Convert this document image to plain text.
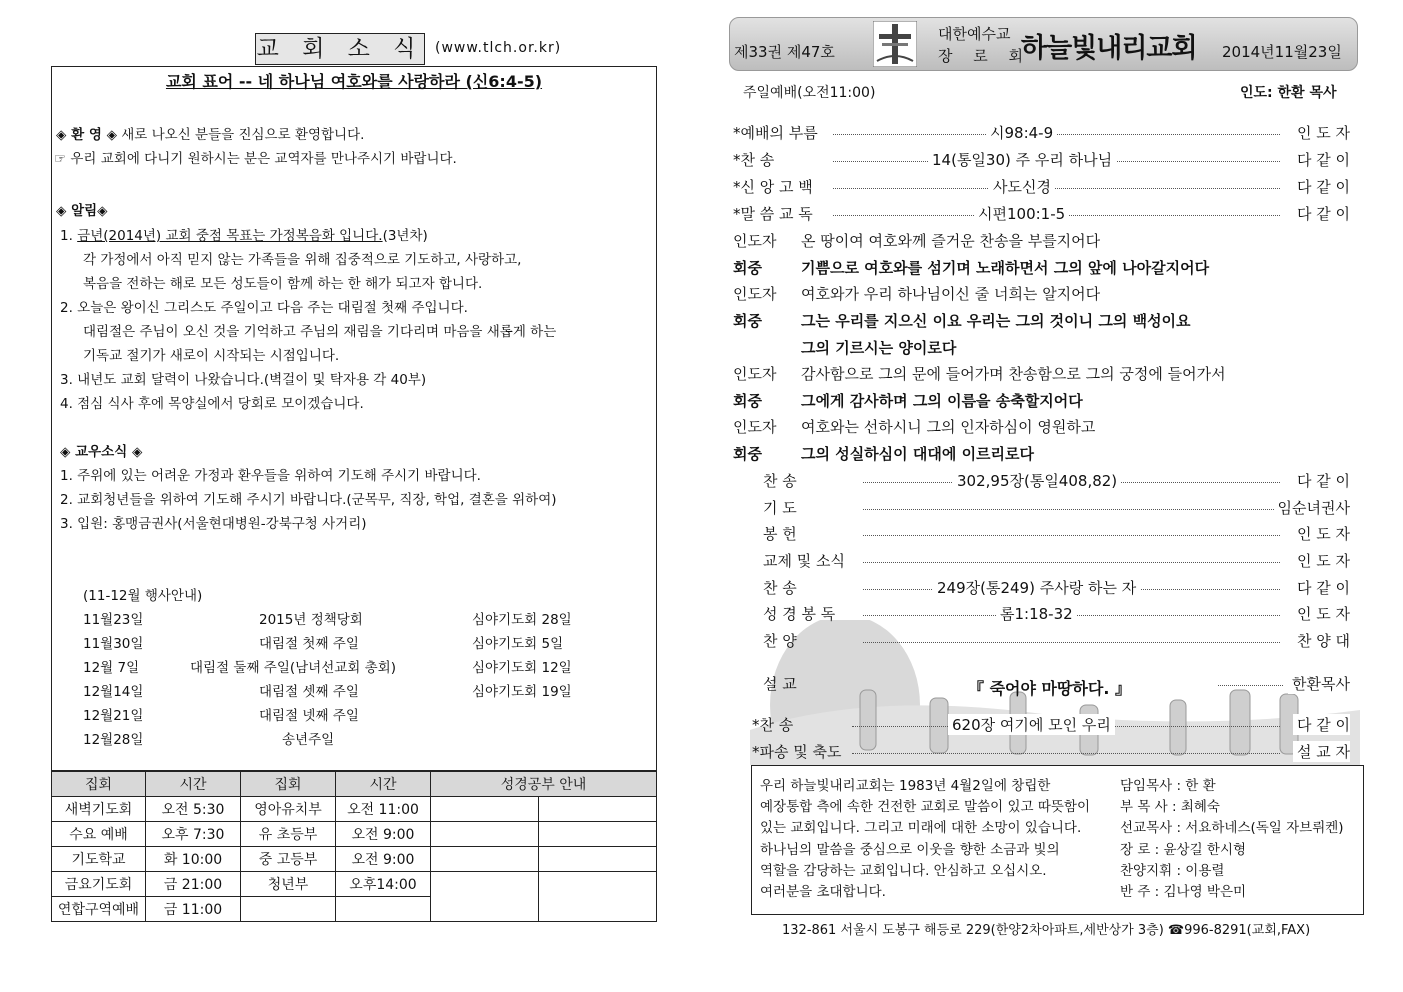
교 회 소 식 (www.tlch.or.kr)
교회 표어 -- 네 하나님 여호와를 사랑하라 (신6:4-5)
◈ 환 영 ◈ 새로 나오신 분들을 진심으로 환영합니다.
☞ 우리 교회에 다니기 원하시는 분은 교역자를 만나주시기 바랍니다.
◈ 알림◈
1. 금년(2014년) 교회 중점 목표는 가정복음화 입니다.(3년차)
각 가정에서 아직 믿지 않는 가족들을 위해 집중적으로 기도하고, 사랑하고,
복음을 전하는 해로 모든 성도들이 함께 하는 한 해가 되고자 합니다.
2. 오늘은 왕이신 그리스도 주일이고 다음 주는 대림절 첫째 주입니다.
대림절은 주님이 오신 것을 기억하고 주님의 재림을 기다리며 마음을 새롭게 하는
기독교 절기가 새로이 시작되는 시점입니다.
3. 내년도 교회 달력이 나왔습니다.(벽걸이 및 탁자용 각 40부)
4. 점심 식사 후에 목양실에서 당회로 모이겠습니다.
◈ 교우소식 ◈
1. 주위에 있는 어려운 가정과 환우들을 위하여 기도해 주시기 바랍니다.
2. 교회청년들을 위하여 기도해 주시기 바랍니다.(군목무, 직장, 학업, 결혼을 위하여)
3. 입원: 홍맹금권사(서울현대병원-강북구청 사거리)
(11-12월 행사안내)
11월23일	2015년 정책당회	심야기도회 28일
11월30일	대림절 첫째 주일	심야기도회 5일
12월 7일	대림절 둘째 주일(남녀선교회 총회)	심야기도회 12일
12월14일	대림절 셋째 주일	심야기도회 19일
12월21일	대림절 넷째 주일
12월28일	송년주일
집회	시간	집회	시간	성경공부 안내	
새벽기도회	오전 5:30	영아유치부	오전 11:00		
수요 예배	오후 7:30	유 초등부	오전 9:00		
기도학교	화 10:00	중 고등부	오전 9:00		
금요기도회	금 21:00	청년부	오후14:00		
연합구역예배	금 11:00				
제33권 제47호
대한예수교
장 로 회
하늘빛내리교회 2014년11월23일
주일예배(오전11:00)	인도: 한환 목사
*예배의 부름	시98:4-9	인 도 자
*찬 송	14(통일30) 주 우리 하나님	다 같 이
*신 앙 고 백	사도신경	다 같 이
*말 씀 교 독	시편100:1-5	다 같 이
인도자 온 땅이여 여호와께 즐거운 찬송을 부를지어다
회중	기쁨으로 여호와를 섬기며 노래하면서 그의 앞에 나아갈지어다
인도자 여호와가 우리 하나님이신 줄 너희는 알지어다
회중	그는 우리를 지으신 이요 우리는 그의 것이니 그의 백성이요
그의 기르시는 양이로다
인도자 감사함으로 그의 문에 들어가며 찬송함으로 그의 궁정에 들어가서
회중	그에게 감사하며 그의 이름을 송축할지어다
인도자 여호와는 선하시니 그의 인자하심이 영원하고
회중	그의 성실하심이 대대에 이르리로다
찬 송	302,95장(통일408,82)	다 같 이
기 도	임순녀권사
봉 헌	인 도 자
교제 및 소식	인 도 자
찬 송	249장(통249) 주사랑 하는 자	다 같 이
성 경 봉 독	롬1:18-32	인 도 자
찬 양	찬 양 대
설 교	『 죽어야 마땅하다. 』	한환목사
*찬 송	620장 여기에 모인 우리	다 같 이
*파송 및 축도	설 교 자
우리 하늘빛내리교회는 1983년 4월2일에 창립한
예장통합 측에 속한 건전한 교회로 말씀이 있고 따뜻함이
있는 교회입니다. 그리고 미래에 대한 소망이 있습니다.
하나님의 말씀을 중심으로 이웃을 향한 소금과 빛의
역할을 감당하는 교회입니다. 안심하고 오십시오.
여러분을 초대합니다.
담임목사 : 한 환
부 목 사 : 최혜숙
선교목사 : 서요하네스(독일 자브뤼켄)
장 로 : 윤상길 한시형
찬양지휘 : 이용렬
반 주 : 김나영 박은미
132-861 서울시 도봉구 해등로 229(한양2차아파트,세반상가 3층) ☎996-8291(교회,FAX)
